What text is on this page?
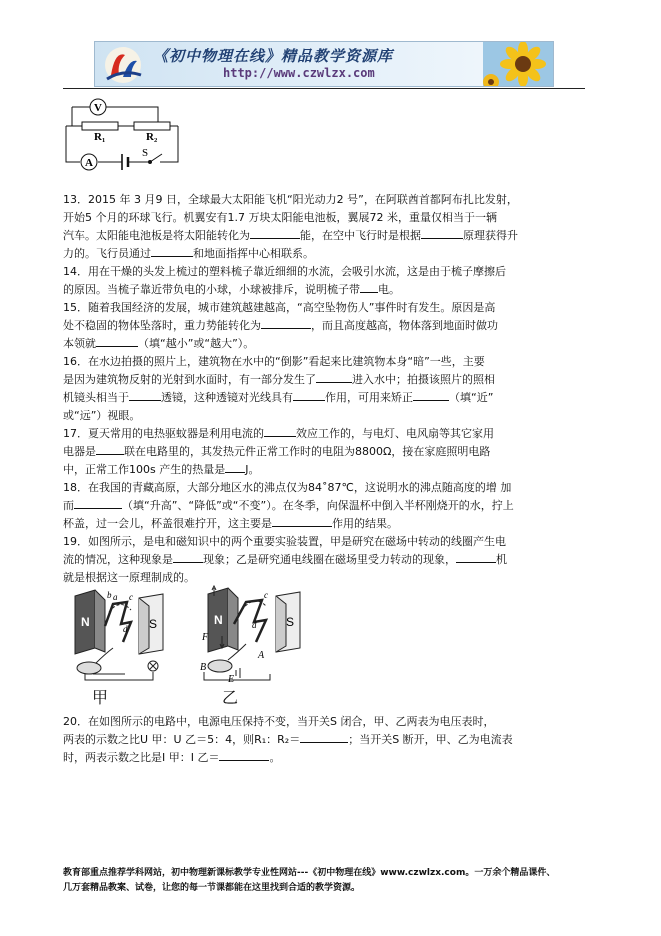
《初中物理在线》精品教学资源库
http://www.czwlzx.com
V
A
R₁	R₂
S
13．2015 年 3 月9 日，全球最大太阳能飞机“阳光动力2 号”，在阿联酋首都阿布扎比发射，
开始5 个月的环球飞行。机翼安有1.7 万块太阳能电池板，翼展72 米，重量仅相当于一辆
汽车。太阳能电池板是将太阳能转化为	能，在空中飞行时是根据	原理获得升
力的。飞行员通过	和地面指挥中心相联系。
14．用在干燥的头发上梳过的塑料梳子靠近细细的水流，会吸引水流，这是由于梳子摩擦后
的原因。当梳子靠近带负电的小球，小球被排斥，说明梳子带 电。
15．随着我国经济的发展，城市建筑越建越高，“高空坠物伤人”事件时有发生。原因是高
处不稳固的物体坠落时，重力势能转化为	，而且高度越高，物体落到地面时做功
本领就	（填“越小”或“越大”）。
16．在水边拍摄的照片上，建筑物在水中的“倒影”看起来比建筑物本身“暗”一些，主要
是因为建筑物反射的光射到水面时，有一部分发生了	进入水中；拍摄该照片的照相
机镜头相当于	透镜，这种透镜对光线具有	作用，可用来矫正	（填“近”
或“远”）视眼。
17．夏天常用的电热驱蚊器是利用电流的	效应工作的，与电灯、电风扇等其它家用
电器是	联在电路里的，其发热元件正常工作时的电阻为8800Ω，接在家庭照明电路
中，正常工作100s 产生的热量是 J。
18．在我国的青藏高原，大部分地区水的沸点仅为84˚87℃，这说明水的沸点随高度的增 加
而	（填“升高”、“降低”或“不变”）。在冬季，向保温杯中倒入半杯刚烧开的水，拧上
杯盖，过一会儿，杯盖很难拧开，这主要是	作用的结果。
19．如图所示，是电和磁知识中的两个重要实验装置，甲是研究在磁场中转动的线圈产生电
流的情况，这种现象是	现象；乙是研究通电线圈在磁场里受力转动的现象，	机
就是根据这一原理制成的。
N	S
a
b c
d
甲
N	S
F
B
A
E
d
c
乙
20．在如图所示的电路中，电源电压保持不变，当开关S 闭合，甲、乙两表为电压表时，
两表的示数之比U 甲：U 乙＝5：4，则R₁：R₂＝	；当开关S 断开，甲、乙为电流表
时，两表示数之比是I 甲：I 乙＝	。
教育部重点推荐学科网站，初中物理新课标教学专业性网站---《初中物理在线》www.czwlzx.com。一万余个精品课件、
几万套精品教案、试卷，让您的每一节课都能在这里找到合适的教学资源。
